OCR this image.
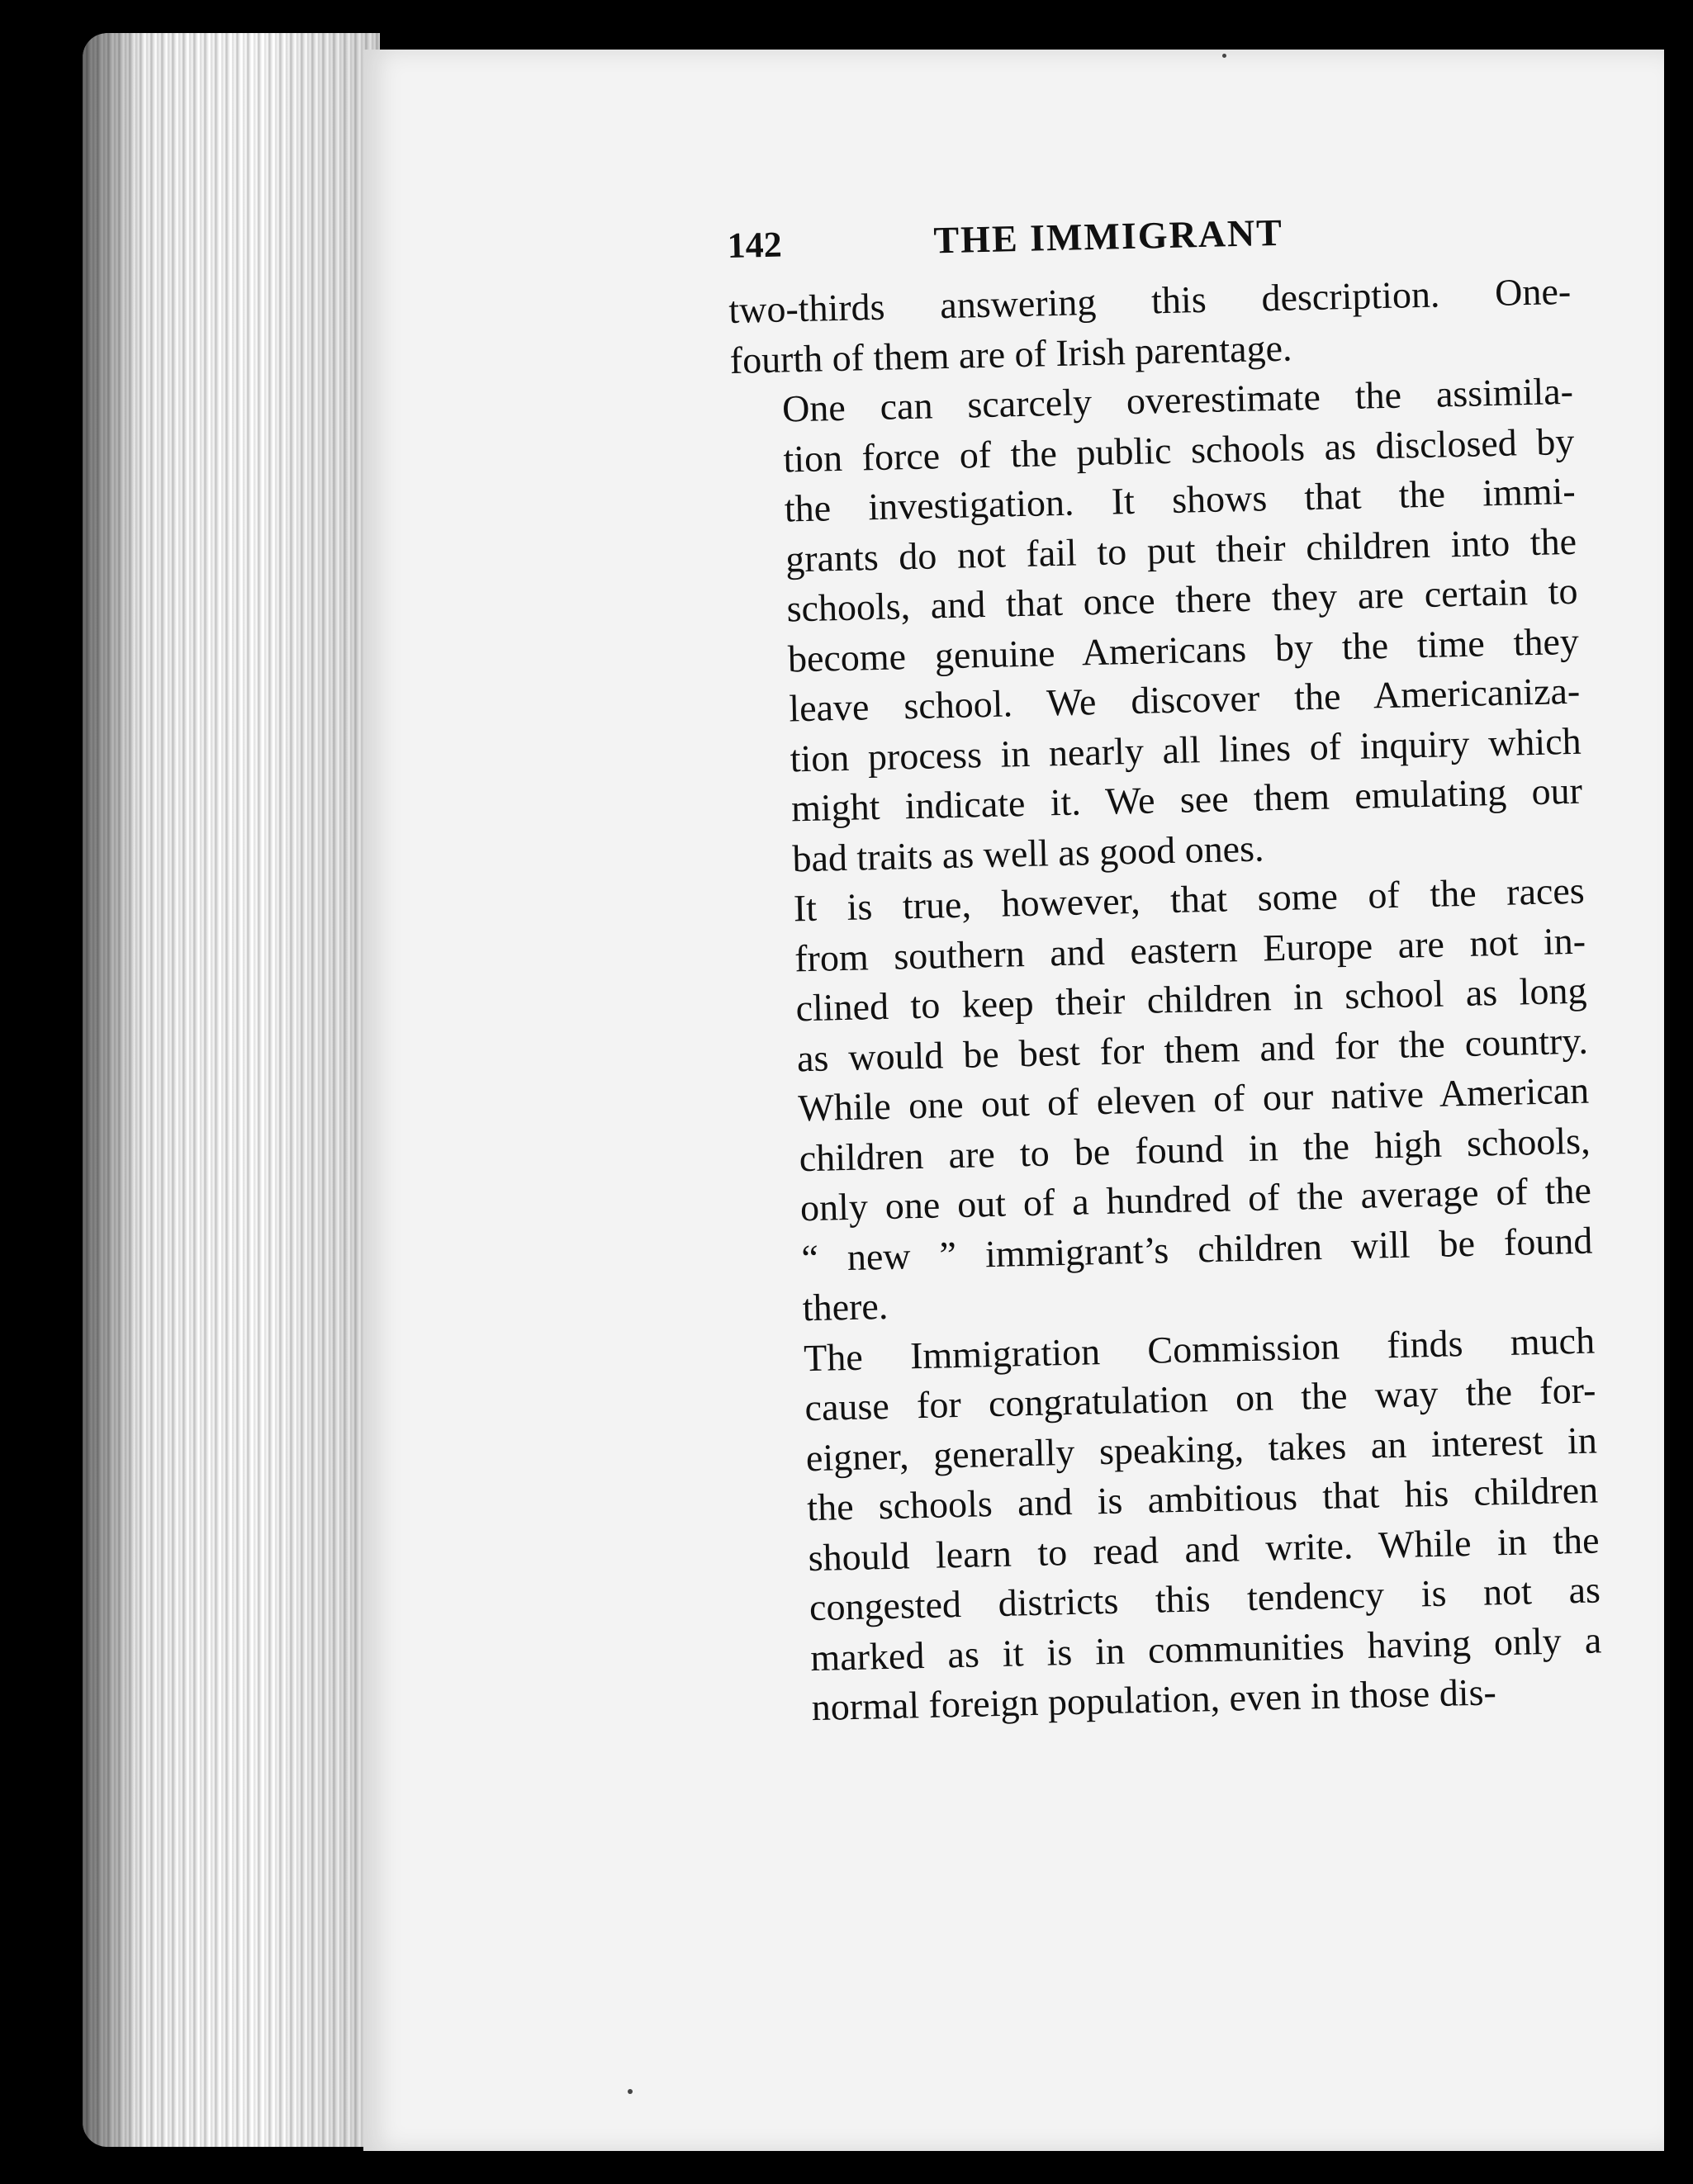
142	THE IMMIGRANT

two-thirds answering this description. One-
fourth of them are of Irish parentage.

One can scarcely overestimate the assimila-
tion force of the public schools as disclosed by
the investigation. It shows that the immi-
grants do not fail to put their children into the
schools, and that once there they are certain to
become genuine Americans by the time they
leave school. We discover the Americaniza-
tion process in nearly all lines of inquiry which
might indicate it. We see them emulating our
bad traits as well as good ones.

It is true, however, that some of the races
from southern and eastern Europe are not in-
clined to keep their children in school as long
as would be best for them and for the country.
While one out of eleven of our native American
children are to be found in the high schools,
only one out of a hundred of the average of the
“ new ” immigrant’s children will be found
there.

The Immigration Commission finds much
cause for congratulation on the way the for-
eigner, generally speaking, takes an interest in
the schools and is ambitious that his children
should learn to read and write. While in the
congested districts this tendency is not as
marked as it is in communities having only a
normal foreign population, even in those dis-
